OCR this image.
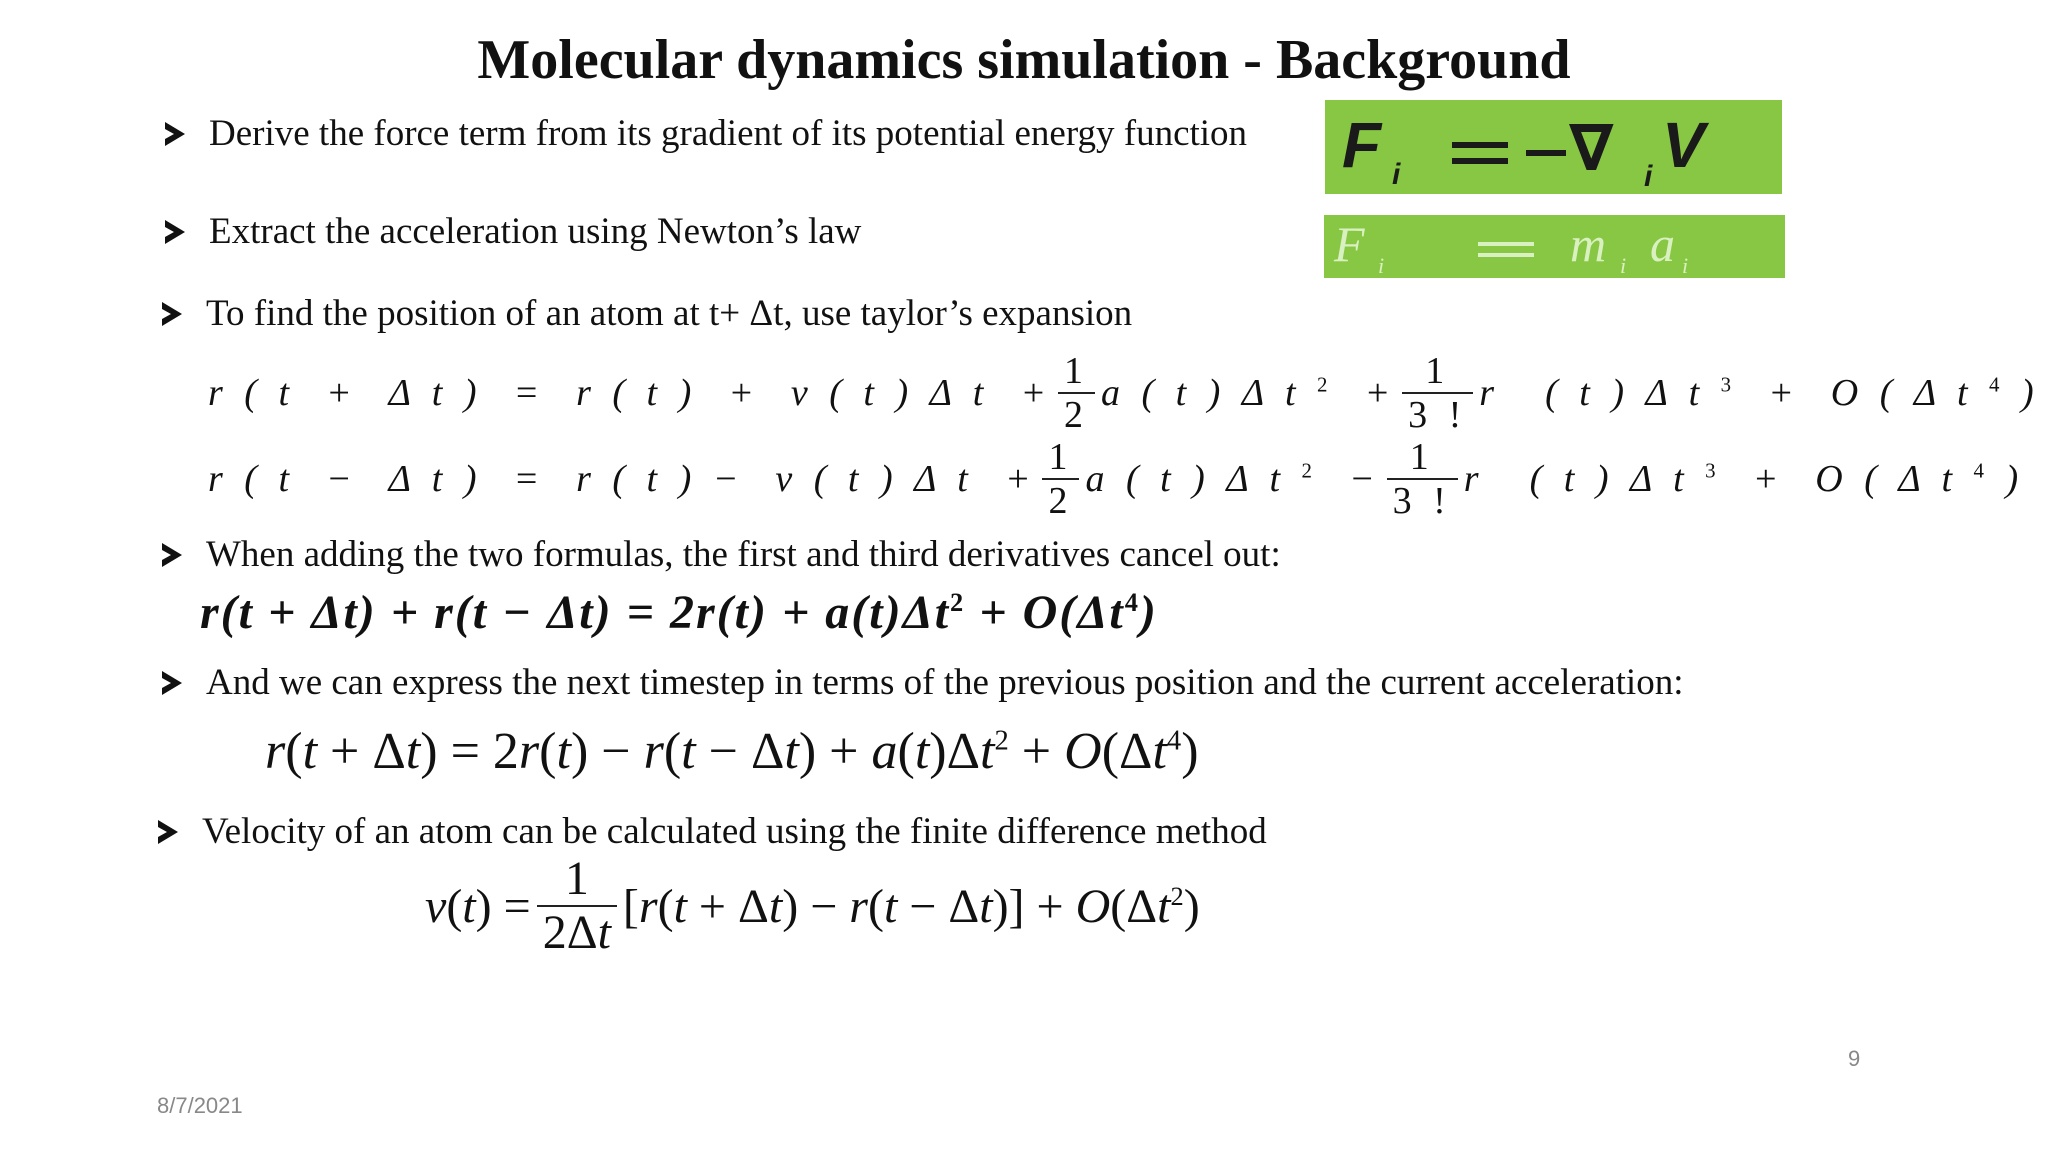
Molecular dynamics simulation - Background
Derive the force term from its gradient of its potential energy function F i	∇ i V
Extract the acceleration using Newton’s law	F i	m i a i
To find the position of an atom at t+ Δt, use taylor’s expansion
r ( t  +  Δ t )  =  r ( t )  +  v ( t ) Δ $t + \frac{1}{2}$ a ( t ) Δ t $^2 + \frac{1}{3 !}$ r⃛ ( t ) Δ t $^3$  +  O ( Δ t $^4$ )
r ( t  −  Δ t )  =  r ( t ) −  v ( t ) Δ $t + \frac{1}{2}$ a ( t ) Δ t $^2 - \frac{1}{3 !}$ r⃛ ( t ) Δ t $^3$  +  O ( Δ t $^4$ )
When adding the two formulas, the first and third derivatives cancel out:
$r(t + \Delta t) + r(t - \Delta t) = 2r(t) + a(t)\Delta t^2 + O(\Delta t^4)$
And we can express the next timestep in terms of the previous position and the current acceleration:
$r(t + \Delta t) = 2r(t) - r(t - \Delta t) + a(t)\Delta t^2 + O(\Delta t^4)$
Velocity of an atom can be calculated using the finite difference method
$v(t) = \frac{1}{2\Delta t} [r(t + \Delta t) - r(t - \Delta t)] + O(\Delta t^2)$
8/7/2021
9
